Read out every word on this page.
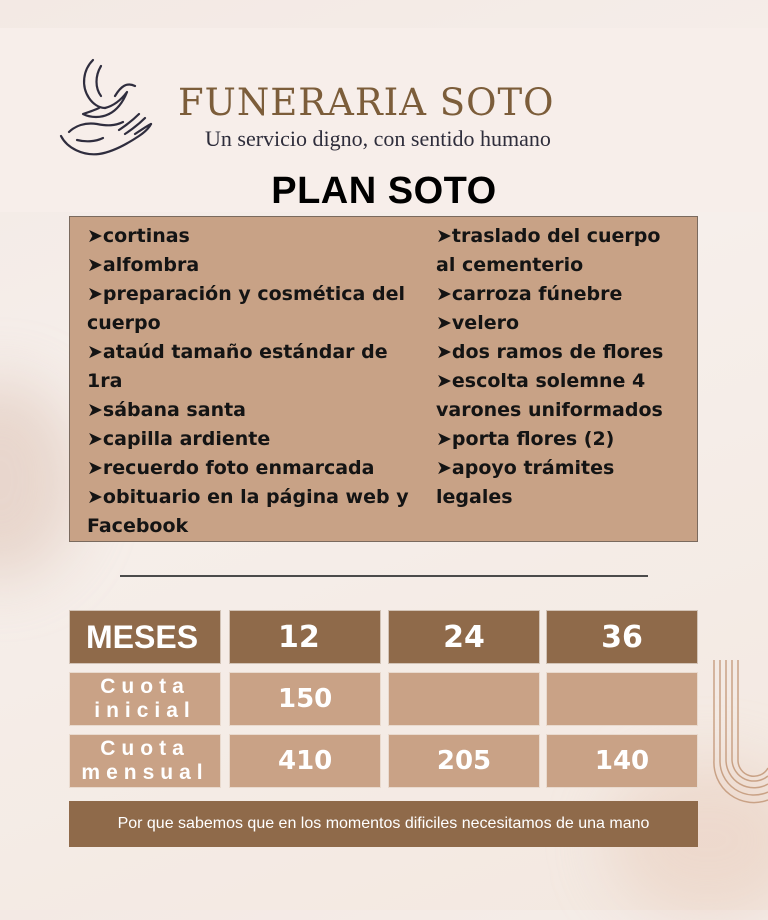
FUNERARIA SOTO
Un servicio digno, con sentido humano
PLAN SOTO
➤ cortinas
➤ alfombra
➤ preparación y cosmética del cuerpo
➤ ataúd tamaño estándar de 1ra
➤ sábana santa
➤ capilla ardiente
➤ recuerdo foto enmarcada
➤ obituario en la página web y Facebook
➤ traslado del cuerpo al cementerio
➤ carroza fúnebre
➤ velero
➤ dos ramos de flores
➤ escolta solemne 4 varones uniformados
➤ porta flores (2)
➤ apoyo trámites legales
MESES	12	24	36
Cuota
inicial	150
Cuota
mensual	410	205	140
Por que sabemos que en los momentos dificiles necesitamos de una mano
